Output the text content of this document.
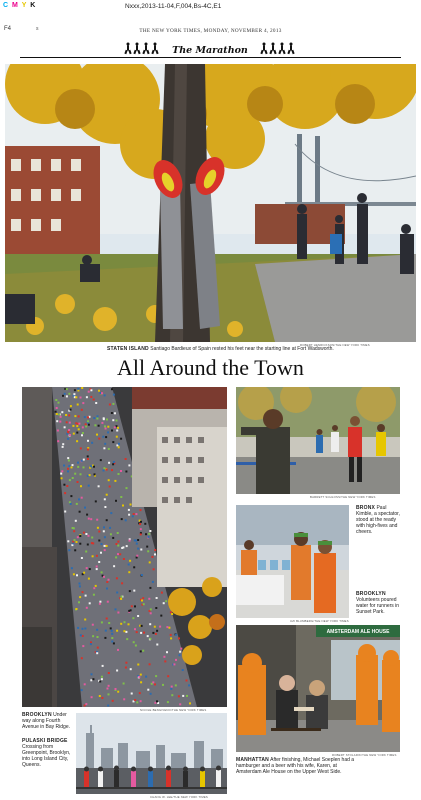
C M Y K	Nxxx,2013-11-04,F,004,Bs-4C,E1
F4	s	THE NEW YORK TIMES, MONDAY, NOVEMBER 4, 2013
The Marathon
ROBERT HENRICKSON/THE NEW YORK TIMES
STATEN ISLAND Santiago Bardieux of Spain rested his feet near the starting line at Fort Wadsworth.
All Around the Town
NICOLE BENGIVENO/THE NEW YORK TIMES
BROOKLYN Under way along Fourth Avenue in Bay Ridge.
CHANG W. LEE/THE NEW YORK TIMES
PULASKI BRIDGE Crossing from Greenpoint, Brooklyn, into Long Island City, Queens.
BARRETT SCHLOSS/THE NEW YORK TIMES
BRONX Paul Kimble, a spectator, stood at the ready with high-fives and cheers.
UZI BLUMBERG/THE NEW YORK TIMES
BROOKLYN Volunteers poured water for runners in Sunset Park.
AMSTERDAM ALE HOUSE
ROBERT STOLARIK/THE NEW YORK TIMES
MANHATTAN After finishing, Michael Soeplen had a hamburger and a beer with his wife, Karen, at Amsterdam Ale House on the Upper West Side.
